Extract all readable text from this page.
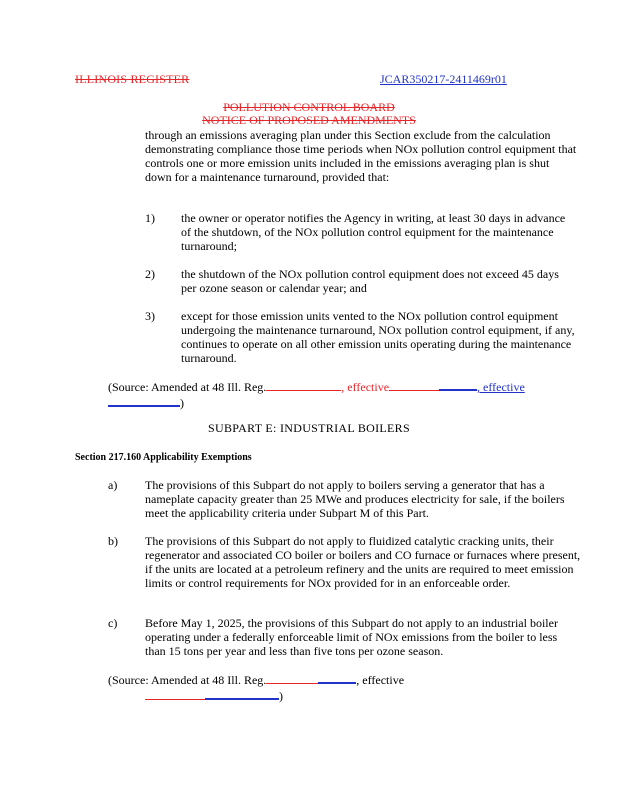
ILLINOIS REGISTER	JCAR350217-2411469r01
POLLUTION CONTROL BOARD
NOTICE OF PROPOSED AMENDMENTS
through an emissions averaging plan under this Section exclude from the calculation demonstrating compliance those time periods when NOx pollution control equipment that controls one or more emission units included in the emissions averaging plan is shut down for a maintenance turnaround, provided that:
1) the owner or operator notifies the Agency in writing, at least 30 days in advance of the shutdown, of the NOx pollution control equipment for the maintenance turnaround;
2) the shutdown of the NOx pollution control equipment does not exceed 45 days per ozone season or calendar year; and
3) except for those emission units vented to the NOx pollution control equipment undergoing the maintenance turnaround, NOx pollution control equipment, if any, continues to operate on all other emission units operating during the maintenance turnaround.
(Source: Amended at 48 Ill. Reg.	, effective	, effective
)
SUBPART E: INDUSTRIAL BOILERS
Section 217.160 Applicability Exemptions
a) The provisions of this Subpart do not apply to boilers serving a generator that has a nameplate capacity greater than 25 MWe and produces electricity for sale, if the boilers meet the applicability criteria under Subpart M of this Part.
b) The provisions of this Subpart do not apply to fluidized catalytic cracking units, their regenerator and associated CO boiler or boilers and CO furnace or furnaces where present, if the units are located at a petroleum refinery and the units are required to meet emission limits or control requirements for NOx provided for in an enforceable order.
c) Before May 1, 2025, the provisions of this Subpart do not apply to an industrial boiler operating under a federally enforceable limit of NOx emissions from the boiler to less than 15 tons per year and less than five tons per ozone season.
(Source: Amended at 48 Ill. Reg.	, effective
)
